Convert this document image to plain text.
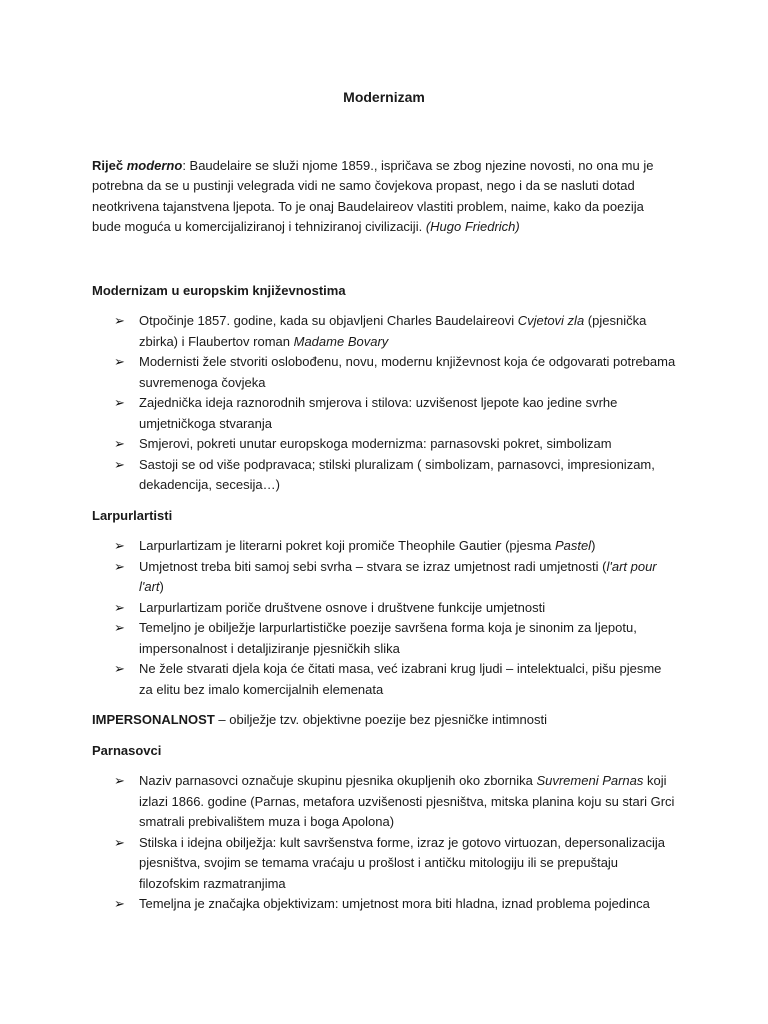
Modernizam

Riječ moderno: Baudelaire se služi njome 1859., ispričava se zbog njezine novosti, no ona mu je potrebna da se u pustinji velegrada vidi ne samo čovjekova propast, nego i da se nasluti dotad neotkrivena tajanstvena ljepota. To je onaj Baudelaireov vlastiti problem, naime, kako da poezija bude moguća u komercijaliziranoj i tehniziranoj civilizaciji. (Hugo Friedrich)

Modernizam u europskim književnostima
➢ Otpočinje 1857. godine, kada su objavljeni Charles Baudelaireovi Cvjetovi zla (pjesnička zbirka) i Flaubertov roman Madame Bovary
➢ Modernisti žele stvoriti oslobođenu, novu, modernu književnost koja će odgovarati potrebama suvremenoga čovjeka
➢ Zajednička ideja raznorodnih smjerova i stilova: uzvišenost ljepote kao jedine svrhe umjetničkoga stvaranja
➢ Smjerovi, pokreti unutar europskoga modernizma: parnasovski pokret, simbolizam
➢ Sastoji se od više podpravaca; stilski pluralizam ( simbolizam, parnasovci, impresionizam, dekadencija, secesija…)
Larpurlartisti
➢ Larpurlartizam je literarni pokret koji promiče Theophile Gautier (pjesma Pastel)
➢ Umjetnost treba biti samoj sebi svrha – stvara se izraz umjetnost radi umjetnosti (l'art pour l'art)
➢ Larpurlartizam poriče društvene osnove i društvene funkcije umjetnosti
➢ Temeljno je obilježje larpurlartističke poezije savršena forma koja je sinonim za ljepotu, impersonalnost i detaljiziranje pjesničkih slika
➢ Ne žele stvarati djela koja će čitati masa, već izabrani krug ljudi – intelektualci, pišu pjesme za elitu bez imalo komercijalnih elemenata

IMPERSONALNOST – obilježje tzv. objektivne poezije bez pjesničke intimnosti

Parnasovci
➢ Naziv parnasovci označuje skupinu pjesnika okupljenih oko zbornika Suvremeni Parnas koji izlazi 1866. godine (Parnas, metafora uzvišenosti pjesništva, mitska planina koju su stari Grci smatrali prebivalištem muza i boga Apolona)
➢ Stilska i idejna obilježja: kult savršenstva forme, izraz je gotovo virtuozan, depersonalizacija pjesništva, svojim se temama vraćaju u prošlost i antičku mitologiju ili se prepuštaju filozofskim razmatranjima
➢ Temeljna je značajka objektivizam: umjetnost mora biti hladna, iznad problema pojedinca
